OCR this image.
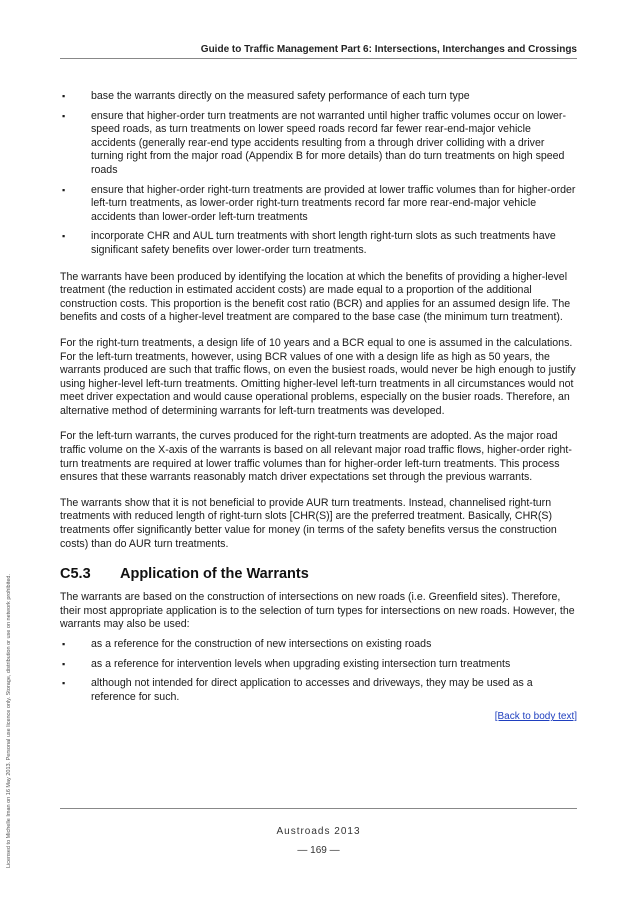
Guide to Traffic Management Part 6: Intersections, Interchanges and Crossings
▪ base the warrants directly on the measured safety performance of each turn type
▪ ensure that higher-order turn treatments are not warranted until higher traffic volumes occur on lower-speed roads, as turn treatments on lower speed roads record far fewer rear-end-major vehicle accidents (generally rear-end type accidents resulting from a through driver colliding with a driver turning right from the major road (Appendix B for more details) than do turn treatments on high speed roads
▪ ensure that higher-order right-turn treatments are provided at lower traffic volumes than for higher-order left-turn treatments, as lower-order right-turn treatments record far more rear-end-major vehicle accidents than lower-order left-turn treatments
▪ incorporate CHR and AUL turn treatments with short length right-turn slots as such treatments have significant safety benefits over lower-order turn treatments.

The warrants have been produced by identifying the location at which the benefits of providing a higher-level treatment (the reduction in estimated accident costs) are made equal to a proportion of the additional construction costs. This proportion is the benefit cost ratio (BCR) and applies for an assumed design life. The benefits and costs of a higher-level treatment are compared to the base case (the minimum turn treatment).

For the right-turn treatments, a design life of 10 years and a BCR equal to one is assumed in the calculations. For the left-turn treatments, however, using BCR values of one with a design life as high as 50 years, the warrants produced are such that traffic flows, on even the busiest roads, would never be high enough to justify using higher-level left-turn treatments. Omitting higher-level left-turn treatments in all circumstances would not meet driver expectation and would cause operational problems, especially on the busier roads. Therefore, an alternative method of determining warrants for left-turn treatments was developed.

For the left-turn warrants, the curves produced for the right-turn treatments are adopted. As the major road traffic volume on the X-axis of the warrants is based on all relevant major road traffic flows, higher-order right-turn treatments are required at lower traffic volumes than for higher-order left-turn treatments. This process ensures that these warrants reasonably match driver expectations set through the previous warrants.

The warrants show that it is not beneficial to provide AUR turn treatments. Instead, channelised right-turn treatments with reduced length of right-turn slots [CHR(S)] are the preferred treatment. Basically, CHR(S) treatments offer significantly better value for money (in terms of the safety benefits versus the construction costs) than do AUR turn treatments.

C5.3 Application of the Warrants

The warrants are based on the construction of intersections on new roads (i.e. Greenfield sites). Therefore, their most appropriate application is to the selection of turn types for intersections on new roads. However, the warrants may also be used:

▪ as a reference for the construction of new intersections on existing roads
▪ as a reference for intervention levels when upgrading existing intersection turn treatments
▪ although not intended for direct application to accesses and driveways, they may be used as a reference for such.
[Back to body text]
Austroads 2013
— 169 —
Licensed to Michelle Iman on 16 May 2013. Personal use licence only. Storage, distribution or use on network prohibited.
